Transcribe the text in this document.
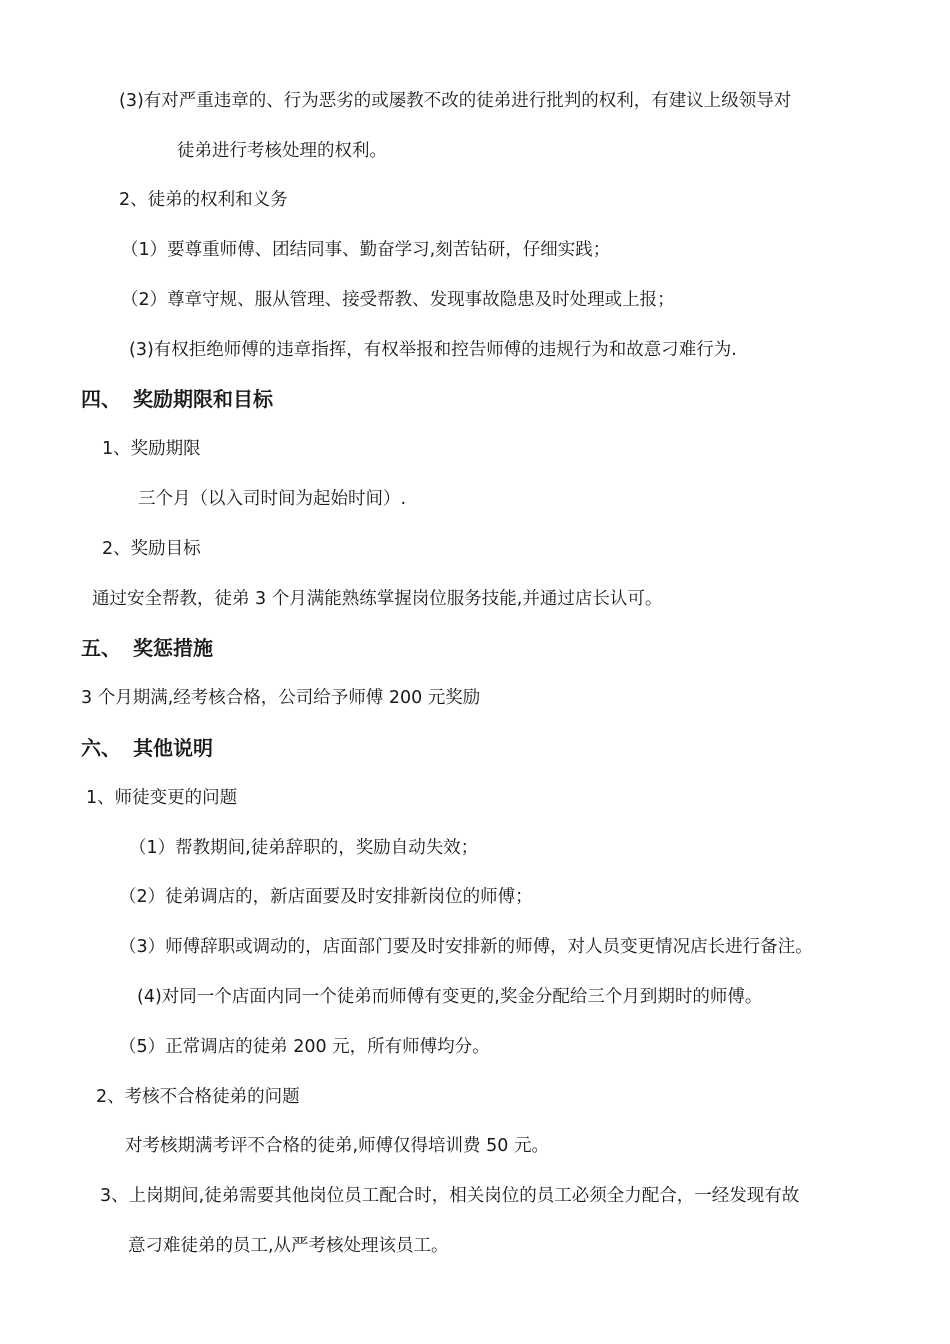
(3)有对严重违章的、行为恶劣的或屡教不改的徒弟进行批判的权利，有建议上级领导对
徒弟进行考核处理的权利。
2、徒弟的权利和义务
（1）要尊重师傅、团结同事、勤奋学习,刻苦钻研，仔细实践；
（2）尊章守规、服从管理、接受帮教、发现事故隐患及时处理或上报；
(3)有权拒绝师傅的违章指挥，有权举报和控告师傅的违规行为和故意刁难行为.
四、 奖励期限和目标
1、奖励期限
三个月（以入司时间为起始时间）.
2、奖励目标
通过安全帮教，徒弟 3 个月满能熟练掌握岗位服务技能,并通过店长认可。
五、 奖惩措施
3 个月期满,经考核合格，公司给予师傅 200 元奖励
六、 其他说明
1、师徒变更的问题
（1）帮教期间,徒弟辞职的，奖励自动失效；
（2）徒弟调店的，新店面要及时安排新岗位的师傅；
（3）师傅辞职或调动的，店面部门要及时安排新的师傅，对人员变更情况店长进行备注。
(4)对同一个店面内同一个徒弟而师傅有变更的,奖金分配给三个月到期时的师傅。
（5）正常调店的徒弟 200 元，所有师傅均分。
2、考核不合格徒弟的问题
对考核期满考评不合格的徒弟,师傅仅得培训费 50 元。
3、上岗期间,徒弟需要其他岗位员工配合时，相关岗位的员工必须全力配合，一经发现有故
意刁难徒弟的员工,从严考核处理该员工。
